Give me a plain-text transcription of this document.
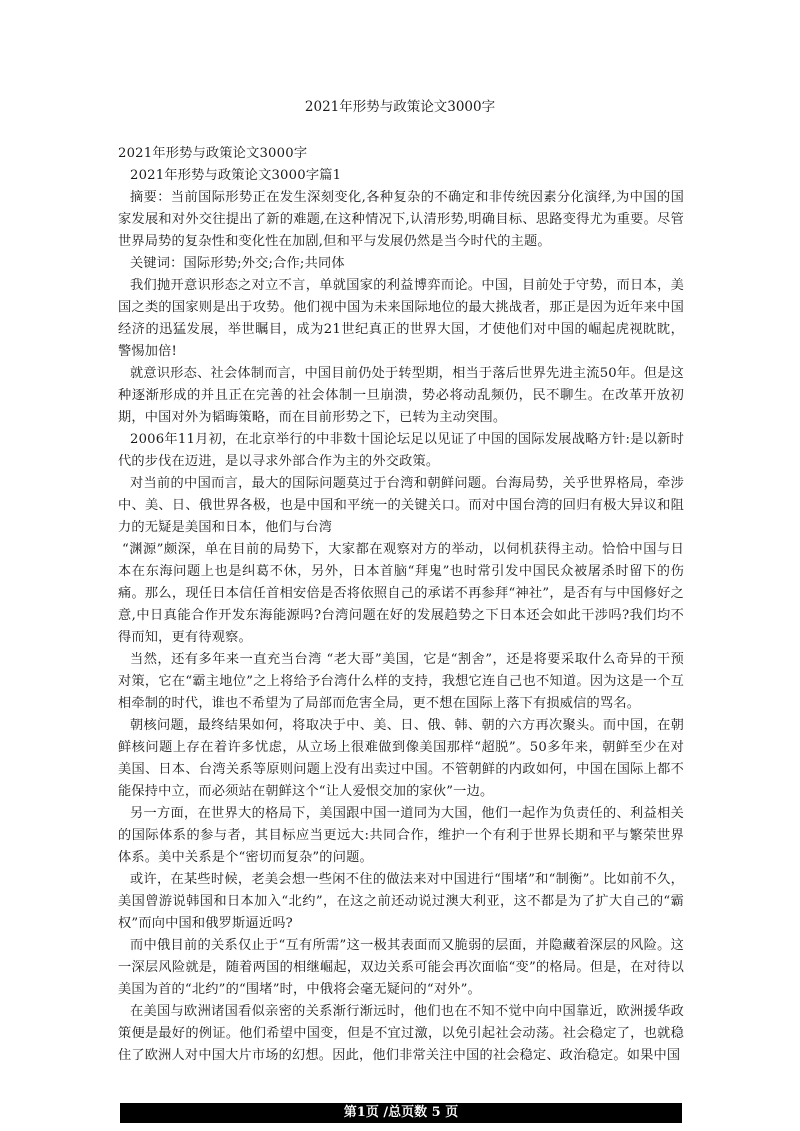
2021年形势与政策论文3000字

2021年形势与政策论文3000字

2021年形势与政策论文3000字篇1

摘要：当前国际形势正在发生深刻变化,各种复杂的不确定和非传统因素分化演绎,为中国的国家发展和对外交往提出了新的难题,在这种情况下,认清形势,明确目标、思路变得尤为重要。尽管世界局势的复杂性和变化性在加剧,但和平与发展仍然是当今时代的主题。

关键词：国际形势;外交;合作;共同体

我们抛开意识形态之对立不言，单就国家的利益博弈而论。中国，目前处于守势，而日本，美国之类的国家则是出于攻势。他们视中国为未来国际地位的最大挑战者，那正是因为近年来中国经济的迅猛发展，举世瞩目，成为21世纪真正的世界大国，才使他们对中国的崛起虎视眈眈，警惕加倍!

就意识形态、社会体制而言，中国目前仍处于转型期，相当于落后世界先进主流50年。但是这种逐渐形成的并且正在完善的社会体制一旦崩溃，势必将动乱频仍，民不聊生。在改革开放初期，中国对外为韬晦策略，而在目前形势之下，已转为主动突围。

2006年11月初，在北京举行的中非数十国论坛足以见证了中国的国际发展战略方针:是以新时代的步伐在迈进，是以寻求外部合作为主的外交政策。

对当前的中国而言，最大的国际问题莫过于台湾和朝鲜问题。台海局势，关乎世界格局，牵涉中、美、日、俄世界各极，也是中国和平统一的关键关口。而对中国台湾的回归有极大异议和阻力的无疑是美国和日本，他们与台湾

“渊源”颇深，单在目前的局势下，大家都在观察对方的举动，以伺机获得主动。恰恰中国与日本在东海问题上也是纠葛不休，另外，日本首脑“拜鬼”也时常引发中国民众被屠杀时留下的伤痛。那么，现任日本信任首相安倍是否将依照自己的承诺不再参拜“神社”，是否有与中国修好之意,中日真能合作开发东海能源吗?台湾问题在好的发展趋势之下日本还会如此干涉吗?我们均不得而知，更有待观察。

当然，还有多年来一直充当台湾 “老大哥”美国，它是“割舍”，还是将要采取什么奇异的干预对策，它在“霸主地位”之上将给予台湾什么样的支持，我想它连自己也不知道。因为这是一个互相牵制的时代，谁也不希望为了局部而危害全局，更不想在国际上落下有损威信的骂名。

朝核问题，最终结果如何，将取决于中、美、日、俄、韩、朝的六方再次聚头。而中国，在朝鲜核问题上存在着许多忧虑，从立场上很难做到像美国那样“超脱”。50多年来，朝鲜至少在对美国、日本、台湾关系等原则问题上没有出卖过中国。不管朝鲜的内政如何，中国在国际上都不能保持中立，而必须站在朝鲜这个“让人爱恨交加的家伙”一边。

另一方面，在世界大的格局下，美国跟中国一道同为大国，他们一起作为负责任的、利益相关的国际体系的参与者，其目标应当更远大:共同合作，维护一个有利于世界长期和平与繁荣世界体系。美中关系是个“密切而复杂”的问题。

或许，在某些时候，老美会想一些闲不住的做法来对中国进行“围堵”和“制衡”。比如前不久，美国曾游说韩国和日本加入“北约”，在这之前还动说过澳大利亚，这不都是为了扩大自己的“霸权”而向中国和俄罗斯逼近吗?

而中俄目前的关系仅止于“互有所需”这一极其表面而又脆弱的层面，并隐藏着深层的风险。这一深层风险就是，随着两国的相继崛起，双边关系可能会再次面临“变”的格局。但是，在对待以美国为首的“北约”的“围堵”时，中俄将会毫无疑问的“对外”。

在美国与欧洲诸国看似亲密的关系渐行渐远时，他们也在不知不觉中向中国靠近，欧洲援华政策便是最好的例证。他们希望中国变，但是不宜过激，以免引起社会动荡。社会稳定了，也就稳住了欧洲人对中国大片市场的幻想。因此，他们非常关注中国的社会稳定、政治稳定。如果中国

第1页 /总页数 5 页
